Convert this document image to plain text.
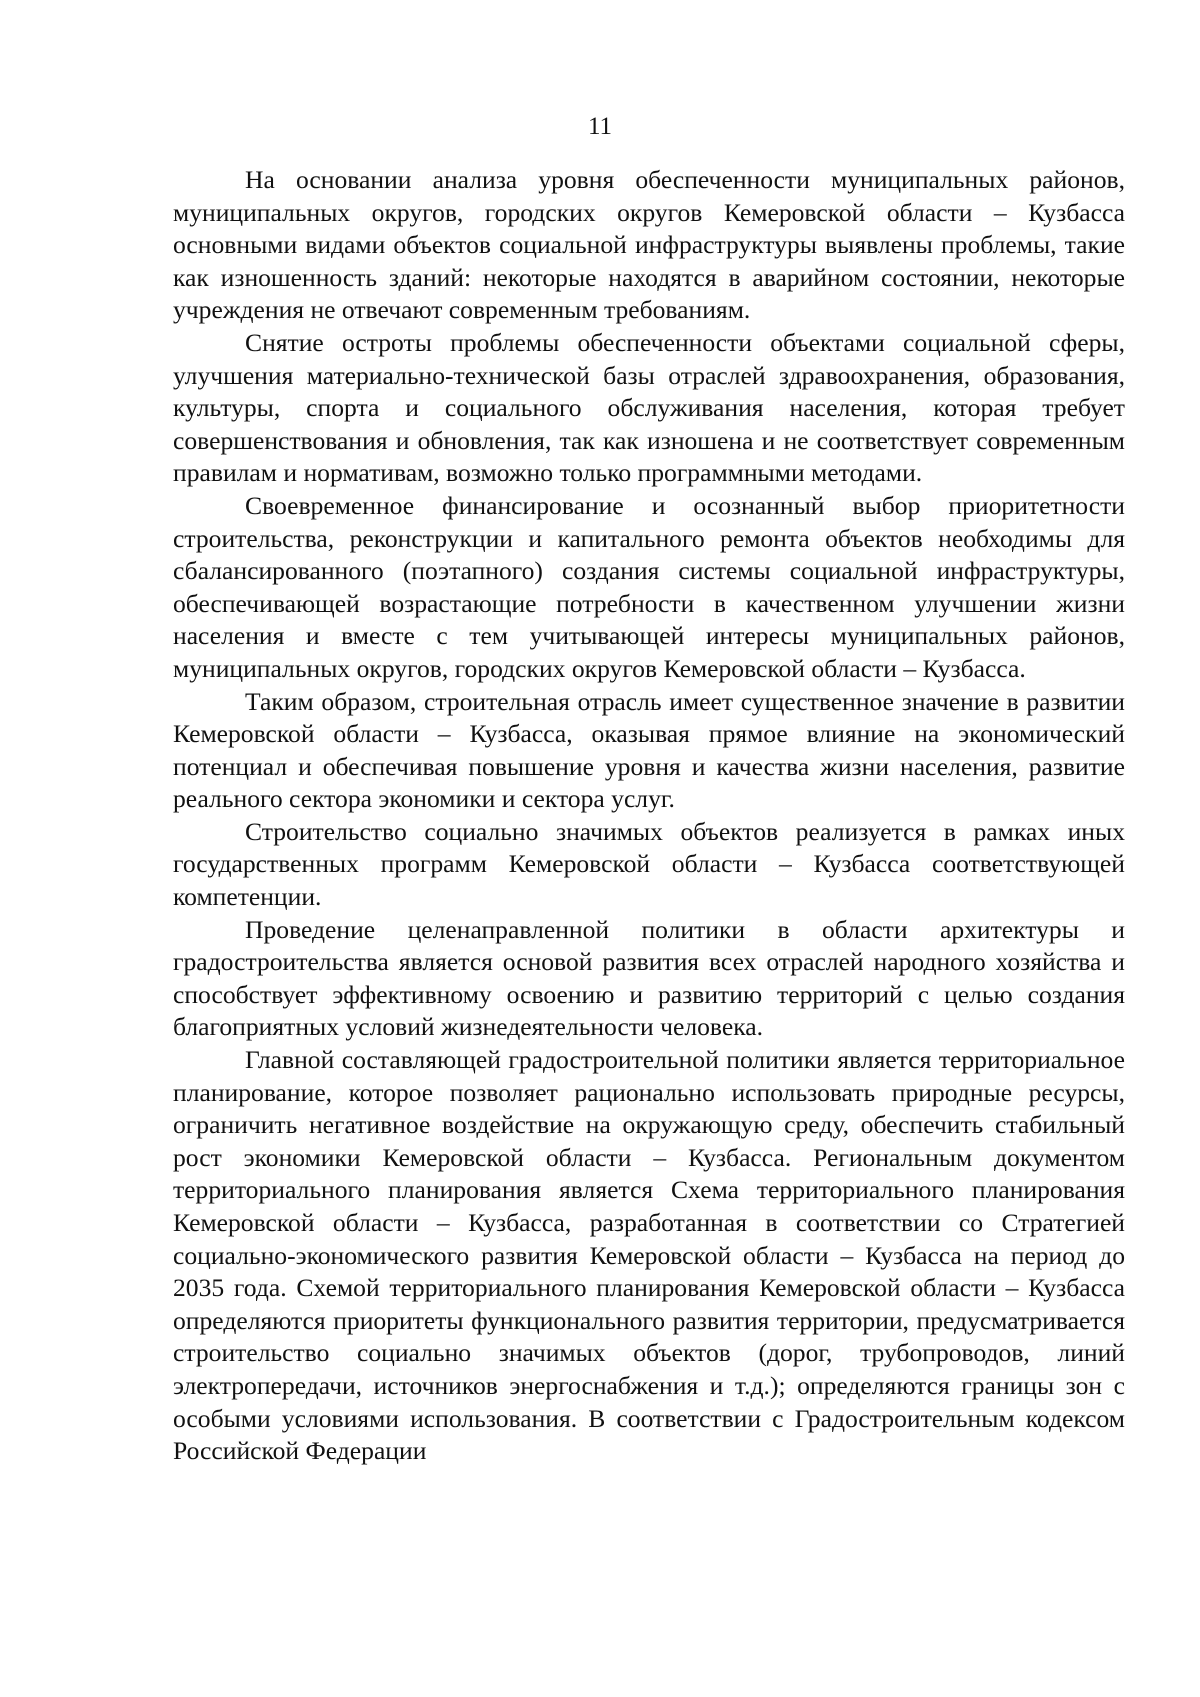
11

На основании анализа уровня обеспеченности муниципальных районов, муниципальных округов, городских округов Кемеровской области – Кузбасса основными видами объектов социальной инфраструктуры выявлены проблемы, такие как изношенность зданий: некоторые находятся в аварийном состоянии, некоторые учреждения не отвечают современным требованиям.

Снятие остроты проблемы обеспеченности объектами социальной сферы, улучшения материально-технической базы отраслей здравоохранения, образования, культуры, спорта и социального обслуживания населения, которая требует совершенствования и обновления, так как изношена и не соответствует современным правилам и нормативам, возможно только программными методами.

Своевременное финансирование и осознанный выбор приоритетности строительства, реконструкции и капитального ремонта объектов необходимы для сбалансированного (поэтапного) создания системы социальной инфраструктуры, обеспечивающей возрастающие потребности в качественном улучшении жизни населения и вместе с тем учитывающей интересы муниципальных районов, муниципальных округов, городских округов Кемеровской области – Кузбасса.

Таким образом, строительная отрасль имеет существенное значение в развитии Кемеровской области – Кузбасса, оказывая прямое влияние на экономический потенциал и обеспечивая повышение уровня и качества жизни населения, развитие реального сектора экономики и сектора услуг.

Строительство социально значимых объектов реализуется в рамках иных государственных программ Кемеровской области – Кузбасса соответствующей компетенции.

Проведение целенаправленной политики в области архитектуры и градостроительства является основой развития всех отраслей народного хозяйства и способствует эффективному освоению и развитию территорий с целью создания благоприятных условий жизнедеятельности человека.

Главной составляющей градостроительной политики является территориальное планирование, которое позволяет рационально использовать природные ресурсы, ограничить негативное воздействие на окружающую среду, обеспечить стабильный рост экономики Кемеровской области – Кузбасса. Региональным документом территориального планирования является Схема территориального планирования Кемеровской области – Кузбасса, разработанная в соответствии со Стратегией социально-экономического развития Кемеровской области – Кузбасса на период до 2035 года. Схемой территориального планирования Кемеровской области – Кузбасса определяются приоритеты функционального развития территории, предусматривается строительство социально значимых объектов (дорог, трубопроводов, линий электропередачи, источников энергоснабжения и т.д.); определяются границы зон с особыми условиями использования. В соответствии с Градостроительным кодексом Российской Федерации
